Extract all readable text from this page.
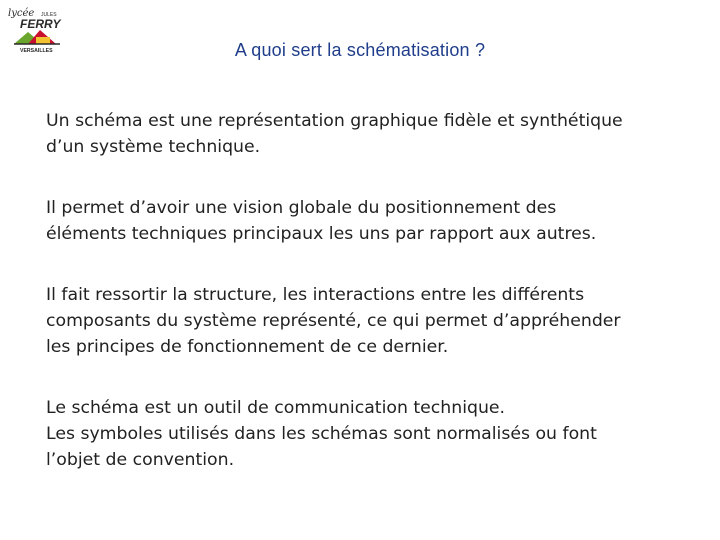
lycée JULES
FERRY
VERSAILLES	A quoi sert la schématisation ?

Un schéma est une représentation graphique fidèle et synthétique
d’un système technique.

Il permet d’avoir une vision globale du positionnement des
éléments techniques principaux les uns par rapport aux autres.

Il fait ressortir la structure, les interactions entre les différents
composants du système représenté, ce qui permet d’appréhender
les principes de fonctionnement de ce dernier.

Le schéma est un outil de communication technique.
Les symboles utilisés dans les schémas sont normalisés ou font
l’objet de convention.
